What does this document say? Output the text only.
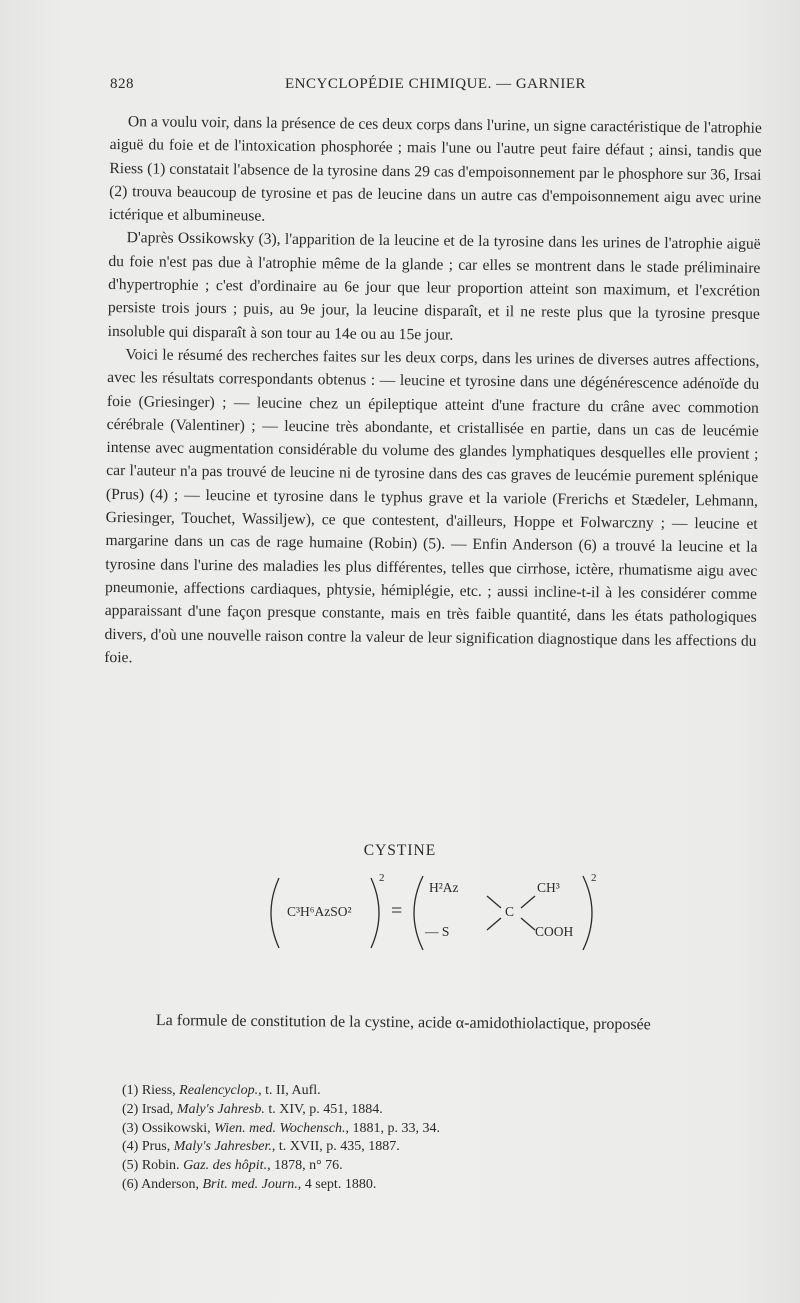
828	ENCYCLOPÉDIE CHIMIQUE. — GARNIER

On a voulu voir, dans la présence de ces deux corps dans l'urine, un signe caractéristique de l'atrophie aiguë du foie et de l'intoxication phosphorée ; mais l'une ou l'autre peut faire défaut ; ainsi, tandis que Riess (1) constatait l'absence de la tyrosine dans 29 cas d'empoisonnement par le phosphore sur 36, Irsai (2) trouva beaucoup de tyrosine et pas de leucine dans un autre cas d'empoisonnement aigu avec urine ictérique et albumineuse.

D'après Ossikowsky (3), l'apparition de la leucine et de la tyrosine dans les urines de l'atrophie aiguë du foie n'est pas due à l'atrophie même de la glande ; car elles se montrent dans le stade préliminaire d'hypertrophie ; c'est d'ordinaire au 6e jour que leur proportion atteint son maximum, et l'excrétion persiste trois jours ; puis, au 9e jour, la leucine disparaît, et il ne reste plus que la tyrosine presque insoluble qui disparaît à son tour au 14e ou au 15e jour.

Voici le résumé des recherches faites sur les deux corps, dans les urines de diverses autres affections, avec les résultats correspondants obtenus : — leucine et tyrosine dans une dégénérescence adénoïde du foie (Griesinger) ; — leucine chez un épileptique atteint d'une fracture du crâne avec commotion cérébrale (Valentiner) ; — leucine très abondante, et cristallisée en partie, dans un cas de leucémie intense avec augmentation considérable du volume des glandes lymphatiques desquelles elle provient ; car l'auteur n'a pas trouvé de leucine ni de tyrosine dans des cas graves de leucémie purement splénique (Prus) (4) ; — leucine et tyrosine dans le typhus grave et la variole (Frerichs et Stædeler, Lehmann, Griesinger, Touchet, Wassiljew), ce que contestent, d'ailleurs, Hoppe et Folwarczny ; — leucine et margarine dans un cas de rage humaine (Robin) (5). — Enfin Anderson (6) a trouvé la leucine et la tyrosine dans l'urine des maladies les plus différentes, telles que cirrhose, ictère, rhumatisme aigu avec pneumonie, affections cardiaques, phtysie, hémiplégie, etc. ; aussi incline-t-il à les considérer comme apparaissant d'une façon presque constante, mais en très faible quantité, dans les états pathologiques divers, d'où une nouvelle raison contre la valeur de leur signification diagnostique dans les affections du foie.

CYSTINE
C³H⁶AzSO²
2
=
H²Az
— S
C
CH³
COOH
2
La formule de constitution de la cystine, acide α-amidothiolactique, proposée
(1) Riess, Realencyclop., t. II, Aufl.
(2) Irsad, Maly's Jahresb. t. XIV, p. 451, 1884.
(3) Ossikowski, Wien. med. Wochensch., 1881, p. 33, 34.
(4) Prus, Maly's Jahresber., t. XVII, p. 435, 1887.
(5) Robin. Gaz. des hôpit., 1878, n° 76.
(6) Anderson, Brit. med. Journ., 4 sept. 1880.
